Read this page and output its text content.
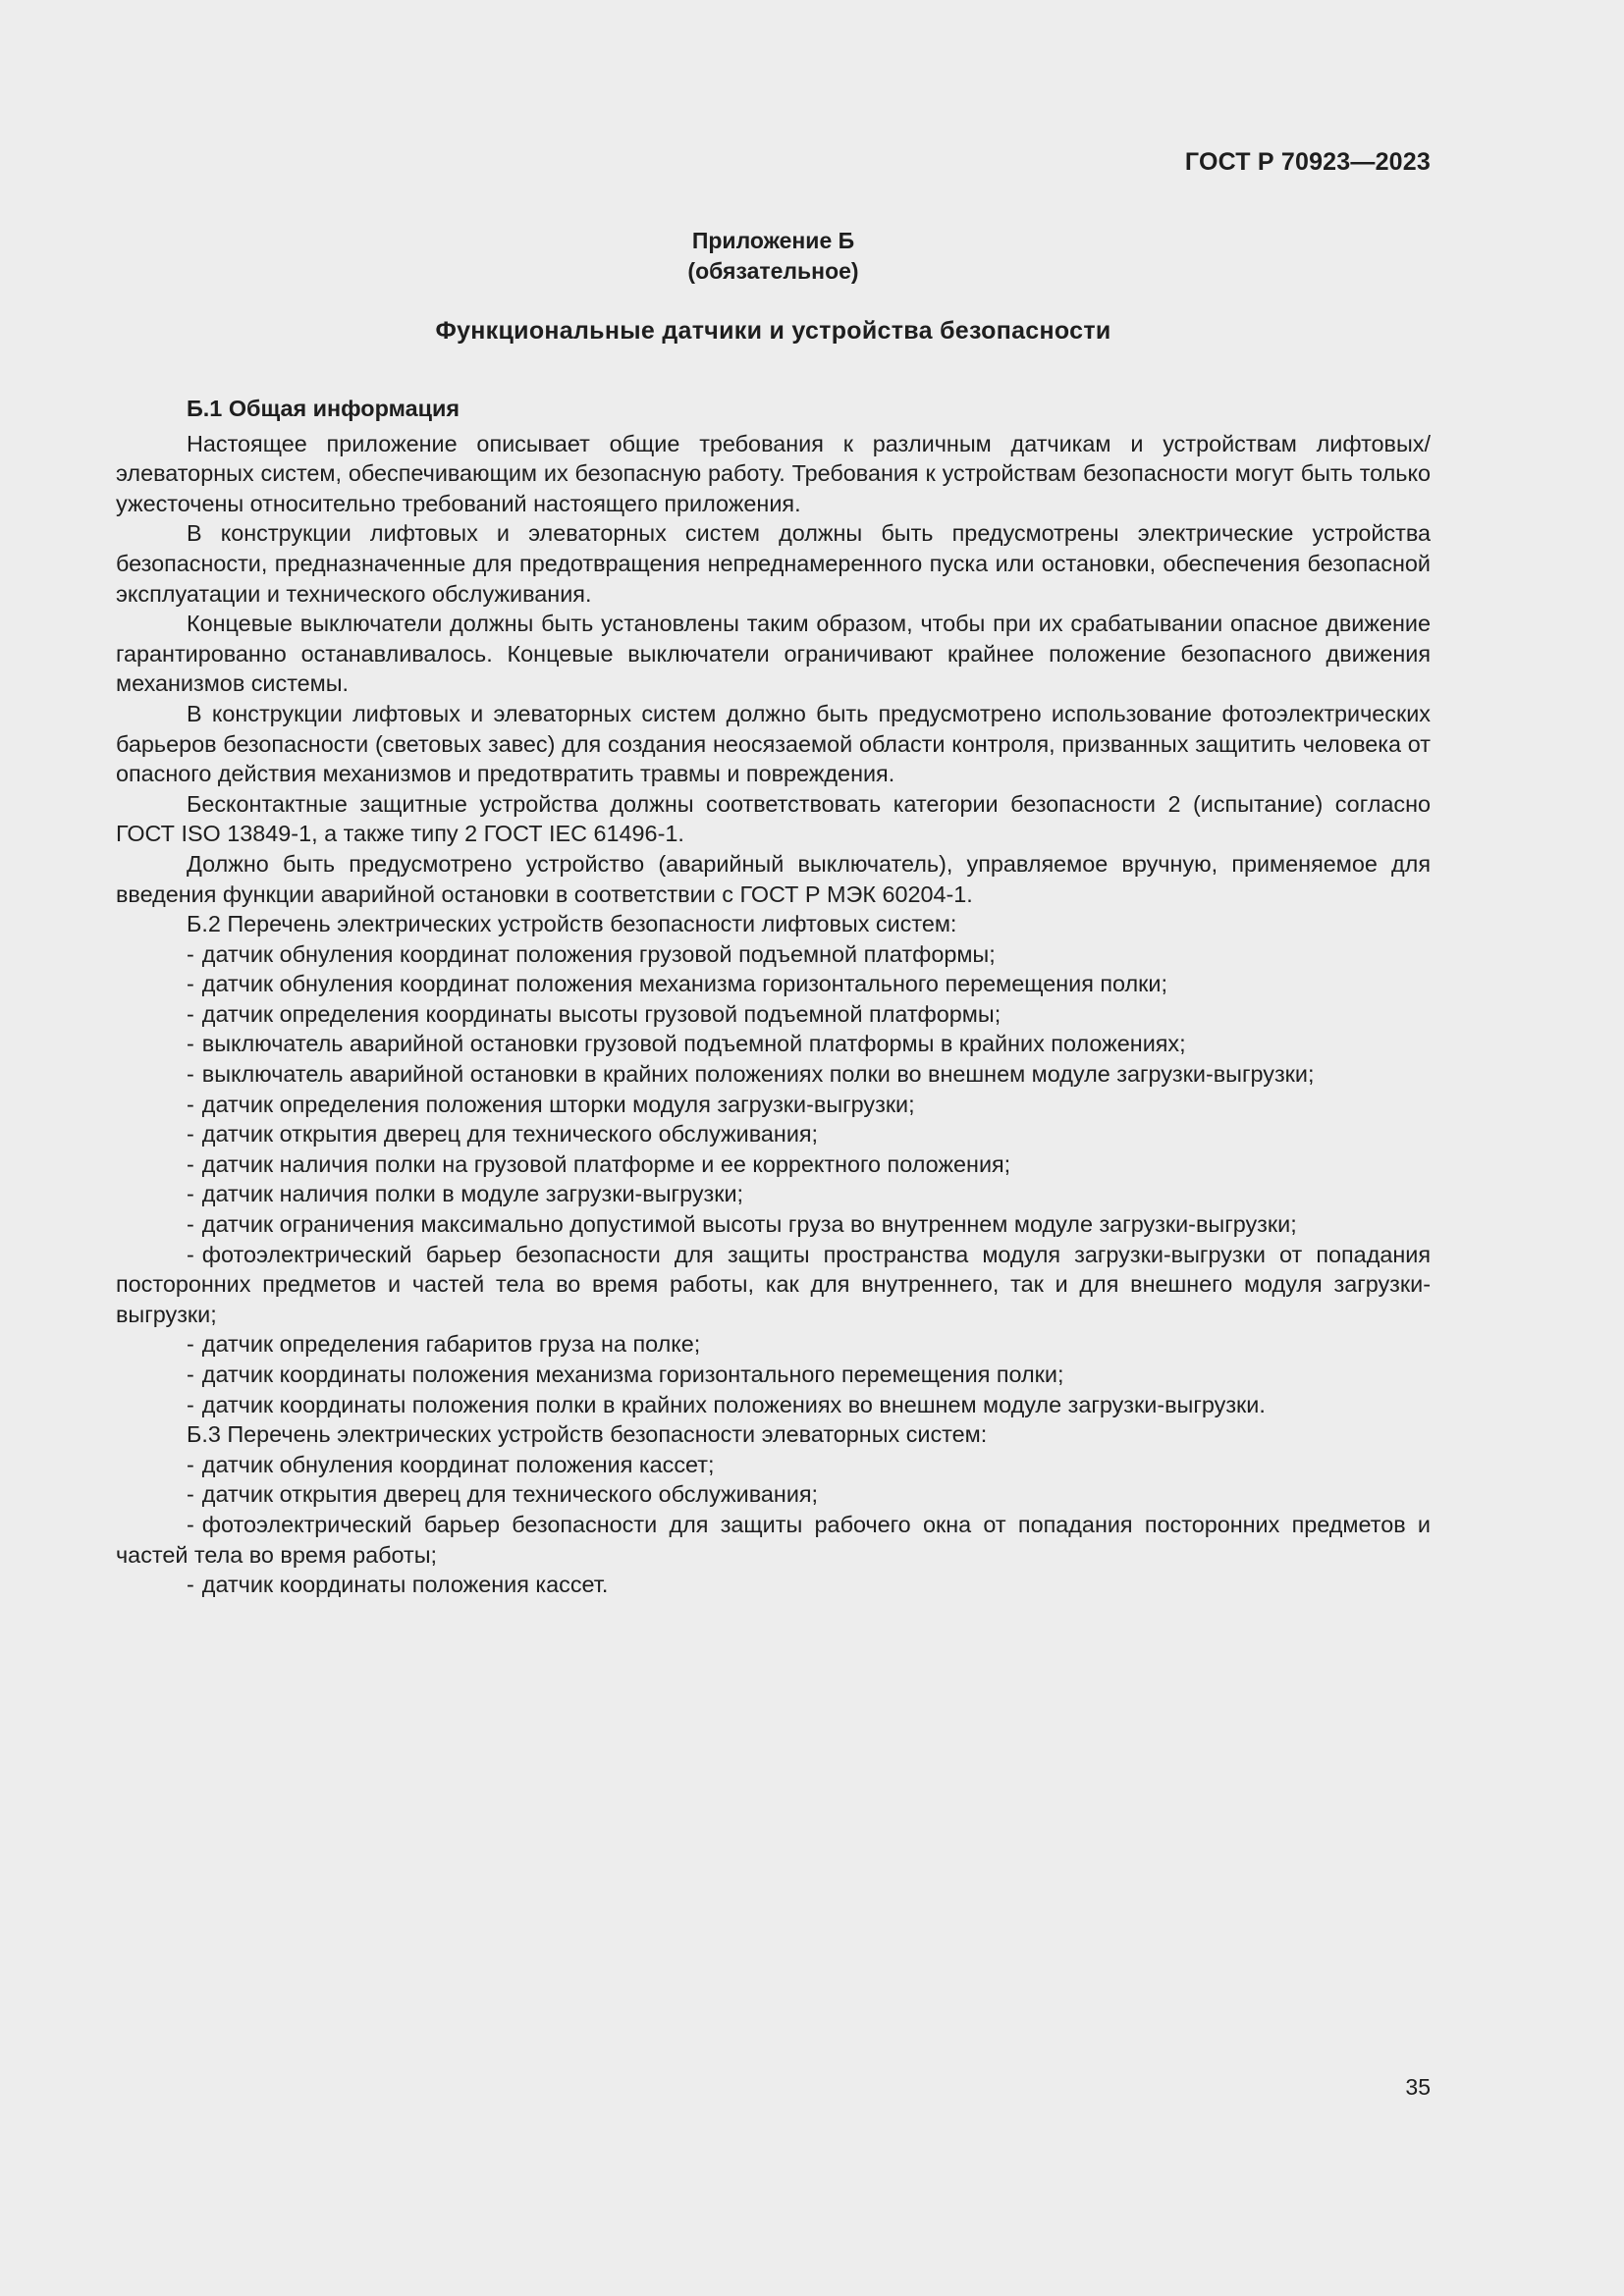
ГОСТ Р 70923—2023
Приложение Б
(обязательное)
Функциональные датчики и устройства безопасности
Б.1 Общая информация

Настоящее приложение описывает общие требования к различным датчикам и устройствам лифтовых/элеваторных систем, обеспечивающим их безопасную работу. Требования к устройствам безопасности могут быть только ужесточены относительно требований настоящего приложения.

В конструкции лифтовых и элеваторных систем должны быть предусмотрены электрические устройства безопасности, предназначенные для предотвращения непреднамеренного пуска или остановки, обеспечения безопасной эксплуатации и технического обслуживания.

Концевые выключатели должны быть установлены таким образом, чтобы при их срабатывании опасное движение гарантированно останавливалось. Концевые выключатели ограничивают крайнее положение безопасного движения механизмов системы.

В конструкции лифтовых и элеваторных систем должно быть предусмотрено использование фотоэлектрических барьеров безопасности (световых завес) для создания неосязаемой области контроля, призванных защитить человека от опасного действия механизмов и предотвратить травмы и повреждения.

Бесконтактные защитные устройства должны соответствовать категории безопасности 2 (испытание) согласно ГОСТ ISO 13849-1, а также типу 2 ГОСТ IEC 61496-1.

Должно быть предусмотрено устройство (аварийный выключатель), управляемое вручную, применяемое для введения функции аварийной остановки в соответствии с ГОСТ Р МЭК 60204-1.

Б.2 Перечень электрических устройств безопасности лифтовых систем:

- датчик обнуления координат положения грузовой подъемной платформы;

- датчик обнуления координат положения механизма горизонтального перемещения полки;

- датчик определения координаты высоты грузовой подъемной платформы;

- выключатель аварийной остановки грузовой подъемной платформы в крайних положениях;

- выключатель аварийной остановки в крайних положениях полки во внешнем модуле загрузки-выгрузки;

- датчик определения положения шторки модуля загрузки-выгрузки;

- датчик открытия дверец для технического обслуживания;

- датчик наличия полки на грузовой платформе и ее корректного положения;

- датчик наличия полки в модуле загрузки-выгрузки;

- датчик ограничения максимально допустимой высоты груза во внутреннем модуле загрузки-выгрузки;

- фотоэлектрический барьер безопасности для защиты пространства модуля загрузки-выгрузки от попадания посторонних предметов и частей тела во время работы, как для внутреннего, так и для внешнего модуля загрузки-выгрузки;

- датчик определения габаритов груза на полке;

- датчик координаты положения механизма горизонтального перемещения полки;

- датчик координаты положения полки в крайних положениях во внешнем модуле загрузки-выгрузки.

Б.3 Перечень электрических устройств безопасности элеваторных систем:

- датчик обнуления координат положения кассет;

- датчик открытия дверец для технического обслуживания;

- фотоэлектрический барьер безопасности для защиты рабочего окна от попадания посторонних предметов и частей тела во время работы;

- датчик координаты положения кассет.

35
